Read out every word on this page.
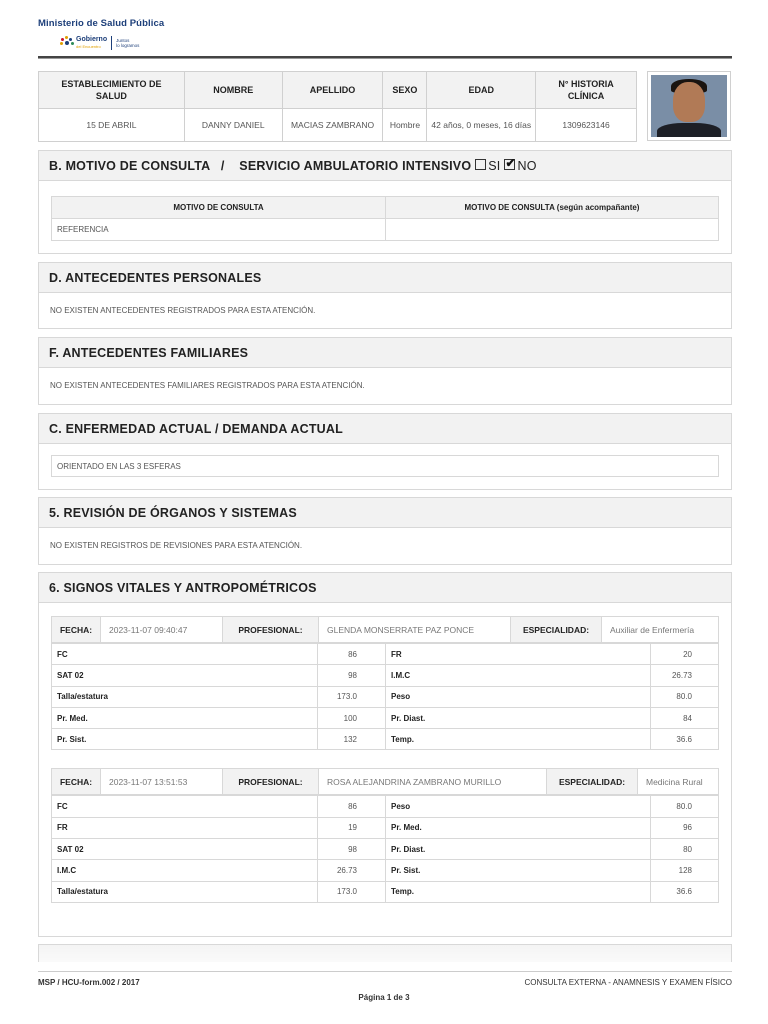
Ministerio de Salud Pública
Gobierno
del Encuentro
Juntos
lo logramos
ESTABLECIMIENTO DE SALUD	NOMBRE	APELLIDO	SEXO	EDAD	N° HISTORIA CLÍNICA
15 DE ABRIL	DANNY DANIEL	MACIAS ZAMBRANO	Hombre	42 años, 0 meses, 16 días	1309623146
B. MOTIVO DE CONSULTA   /    SERVICIO AMBULATORIO INTENSIVO SI ✔ NO
MOTIVO DE CONSULTA	MOTIVO DE CONSULTA (según acompañante)
REFERENCIA	
D. ANTECEDENTES PERSONALES
NO EXISTEN ANTECEDENTES REGISTRADOS PARA ESTA ATENCIÓN.
F. ANTECEDENTES FAMILIARES
NO EXISTEN ANTECEDENTES FAMILIARES REGISTRADOS PARA ESTA ATENCIÓN.
C. ENFERMEDAD ACTUAL / DEMANDA ACTUAL
ORIENTADO EN LAS 3 ESFERAS
5. REVISIÓN DE ÓRGANOS Y SISTEMAS
NO EXISTEN REGISTROS DE REVISIONES PARA ESTA ATENCIÓN.
6. SIGNOS VITALES Y ANTROPOMÉTRICOS
FECHA:	2023-11-07 09:40:47	PROFESIONAL:	GLENDA MONSERRATE PAZ PONCE	ESPECIALIDAD:	Auxiliar de Enfermería
FC	86	FR	20
SAT 02	98	I.M.C	26.73
Talla/estatura	173.0	Peso	80.0
Pr. Med.	100	Pr. Diast.	84
Pr. Sist.	132	Temp.	36.6
FECHA:	2023-11-07 13:51:53	PROFESIONAL:	ROSA ALEJANDRINA ZAMBRANO MURILLO	ESPECIALIDAD:	Medicina Rural
FC	86	Peso	80.0
FR	19	Pr. Med.	96
SAT 02	98	Pr. Diast.	80
I.M.C	26.73	Pr. Sist.	128
Talla/estatura	173.0	Temp.	36.6
MSP / HCU-form.002 / 2017	CONSULTA EXTERNA - ANAMNESIS Y EXAMEN FÍSICO
Página 1 de 3
